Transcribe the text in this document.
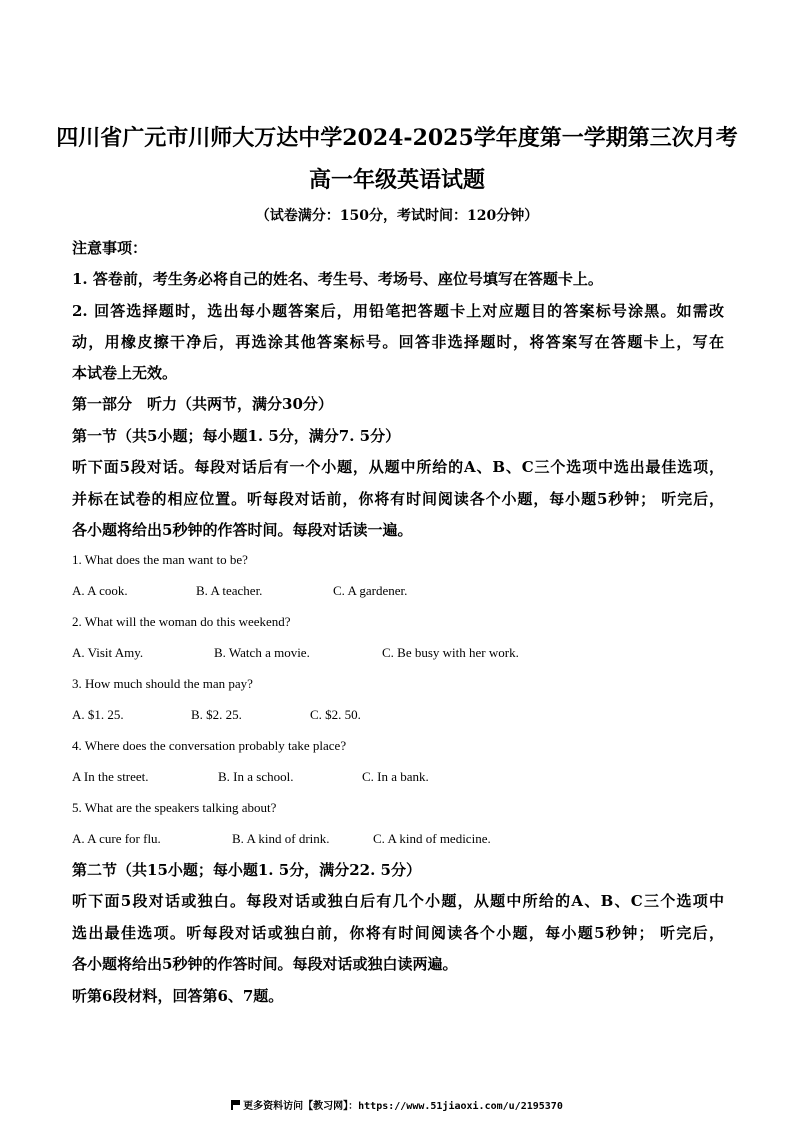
四川省广元市川师大万达中学2024-2025学年度第一学期第三次月考
高一年级英语试题
（试卷满分：150分，考试时间：120分钟）
注意事项：
1. 答卷前，考生务必将自己的姓名、考生号、考场号、座位号填写在答题卡上。
2. 回答选择题时，选出每小题答案后，用铅笔把答题卡上对应题目的答案标号涂黑。如需改
动，用橡皮擦干净后，再选涂其他答案标号。回答非选择题时，将答案写在答题卡上，写在
本试卷上无效。
第一部分　听力（共两节，满分30分）
第一节（共5小题；每小题1. 5分，满分7. 5分）
听下面5段对话。每段对话后有一个小题，从题中所给的A、B、C三个选项中选出最佳选项，
并标在试卷的相应位置。听每段对话前，你将有时间阅读各个小题，每小题5秒钟； 听完后，
各小题将给出5秒钟的作答时间。每段对话读一遍。
1. What does the man want to be?
A. A cook.	B. A teacher.	C. A gardener.
2. What will the woman do this weekend?
A. Visit Amy.	B. Watch a movie.	C. Be busy with her work.
3. How much should the man pay?
A. $1. 25.	B. $2. 25.	C. $2. 50.
4. Where does the conversation probably take place?
A In the street.	B. In a school.	C. In a bank.
5. What are the speakers talking about?
A. A cure for flu.	B. A kind of drink.	C. A kind of medicine.
第二节（共15小题；每小题1. 5分，满分22. 5分）
听下面5段对话或独白。每段对话或独白后有几个小题，从题中所给的A、B、C三个选项中
选出最佳选项。听每段对话或独白前，你将有时间阅读各个小题，每小题5秒钟； 听完后，
各小题将给出5秒钟的作答时间。每段对话或独白读两遍。
听第6段材料，回答第6、7题。
更多资料访问【教习网】：https://www.51jiaoxi.com/u/2195370
